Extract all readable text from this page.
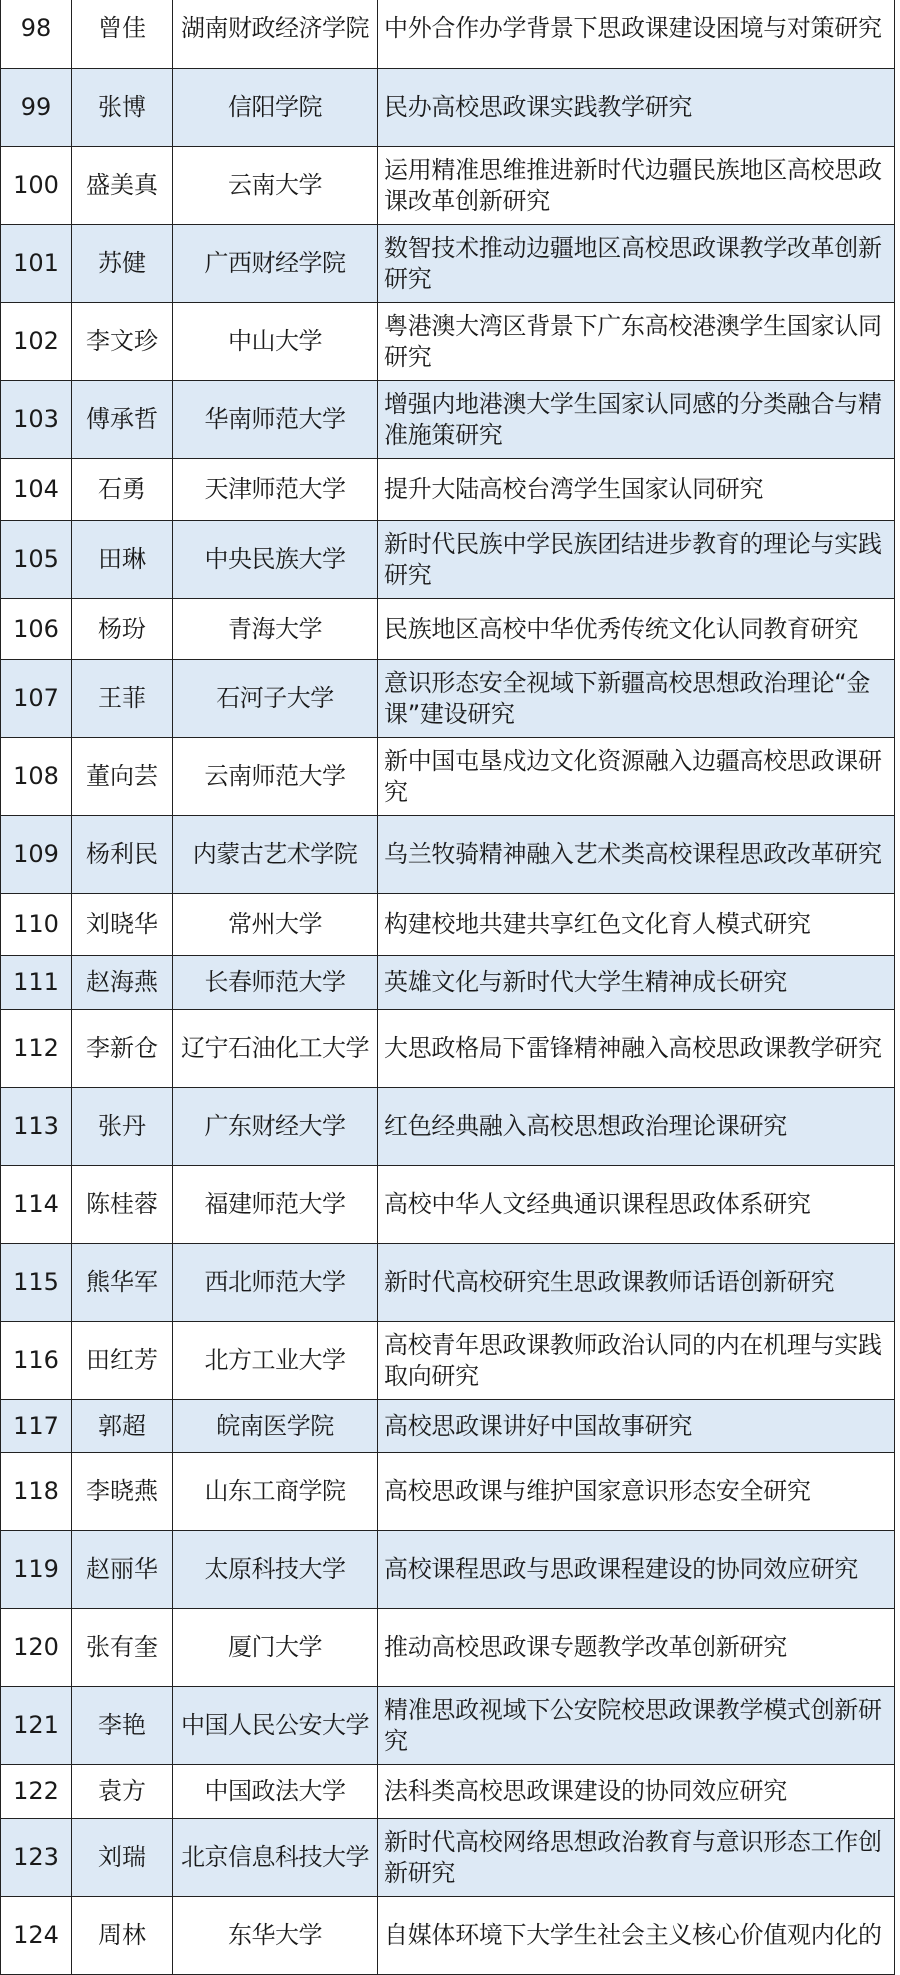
98	曾佳	湖南财政经济学院	中外合作办学背景下思政课建设困境与对策研究
99	张博	信阳学院	民办高校思政课实践教学研究
100	盛美真	云南大学	运用精准思维推进新时代边疆民族地区高校思政课改革创新研究
101	苏健	广西财经学院	数智技术推动边疆地区高校思政课教学改革创新研究
102	李文珍	中山大学	粤港澳大湾区背景下广东高校港澳学生国家认同研究
103	傅承哲	华南师范大学	增强内地港澳大学生国家认同感的分类融合与精准施策研究
104	石勇	天津师范大学	提升大陆高校台湾学生国家认同研究
105	田琳	中央民族大学	新时代民族中学民族团结进步教育的理论与实践研究
106	杨玢	青海大学	民族地区高校中华优秀传统文化认同教育研究
107	王菲	石河子大学	意识形态安全视域下新疆高校思想政治理论“金课”建设研究
108	董向芸	云南师范大学	新中国屯垦戍边文化资源融入边疆高校思政课研究
109	杨利民	内蒙古艺术学院	乌兰牧骑精神融入艺术类高校课程思政改革研究
110	刘晓华	常州大学	构建校地共建共享红色文化育人模式研究
111	赵海燕	长春师范大学	英雄文化与新时代大学生精神成长研究
112	李新仓	辽宁石油化工大学	大思政格局下雷锋精神融入高校思政课教学研究
113	张丹	广东财经大学	红色经典融入高校思想政治理论课研究
114	陈桂蓉	福建师范大学	高校中华人文经典通识课程思政体系研究
115	熊华军	西北师范大学	新时代高校研究生思政课教师话语创新研究
116	田红芳	北方工业大学	高校青年思政课教师政治认同的内在机理与实践取向研究
117	郭超	皖南医学院	高校思政课讲好中国故事研究
118	李晓燕	山东工商学院	高校思政课与维护国家意识形态安全研究
119	赵丽华	太原科技大学	高校课程思政与思政课程建设的协同效应研究
120	张有奎	厦门大学	推动高校思政课专题教学改革创新研究
121	李艳	中国人民公安大学	精准思政视域下公安院校思政课教学模式创新研究
122	袁方	中国政法大学	法科类高校思政课建设的协同效应研究
123	刘瑞	北京信息科技大学	新时代高校网络思想政治教育与意识形态工作创新研究
124	周林	东华大学	自媒体环境下大学生社会主义核心价值观内化的
